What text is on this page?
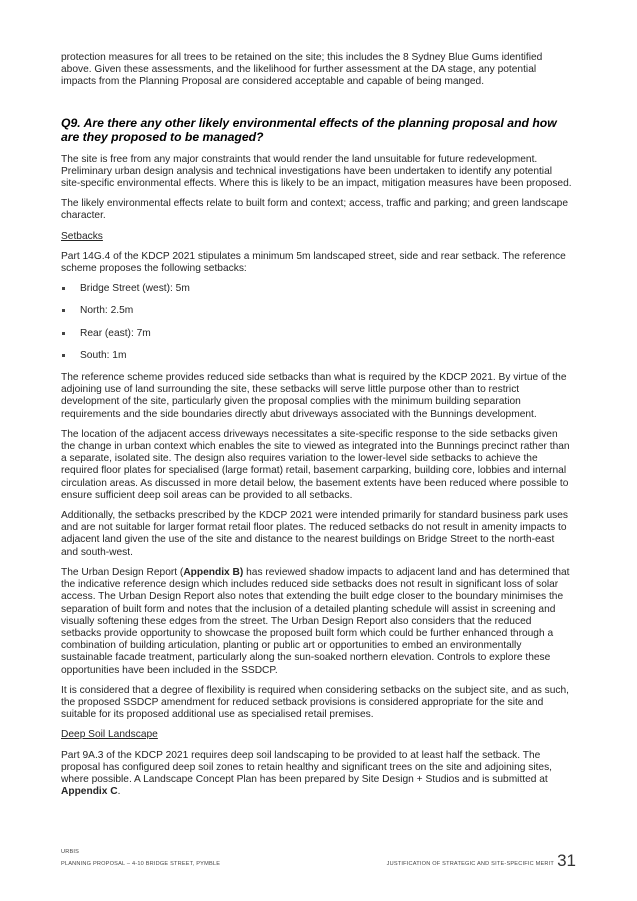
protection measures for all trees to be retained on the site; this includes the 8 Sydney Blue Gums identified above. Given these assessments, and the likelihood for further assessment at the DA stage, any potential impacts from the Planning Proposal are considered acceptable and capable of being manged.

Q9. Are there any other likely environmental effects of the planning proposal and how are they proposed to be managed?

The site is free from any major constraints that would render the land unsuitable for future redevelopment. Preliminary urban design analysis and technical investigations have been undertaken to identify any potential site-specific environmental effects. Where this is likely to be an impact, mitigation measures have been proposed.

The likely environmental effects relate to built form and context; access, traffic and parking; and green landscape character.

Setbacks

Part 14G.4 of the KDCP 2021 stipulates a minimum 5m landscaped street, side and rear setback. The reference scheme proposes the following setbacks:

Bridge Street (west): 5m
North: 2.5m
Rear (east): 7m
South: 1m

The reference scheme provides reduced side setbacks than what is required by the KDCP 2021. By virtue of the adjoining use of land surrounding the site, these setbacks will serve little purpose other than to restrict development of the site, particularly given the proposal complies with the minimum building separation requirements and the side boundaries directly abut driveways associated with the Bunnings development.

The location of the adjacent access driveways necessitates a site-specific response to the side setbacks given the change in urban context which enables the site to viewed as integrated into the Bunnings precinct rather than a separate, isolated site. The design also requires variation to the lower-level side setbacks to achieve the required floor plates for specialised (large format) retail, basement carparking, building core, lobbies and internal circulation areas. As discussed in more detail below, the basement extents have been reduced where possible to ensure sufficient deep soil areas can be provided to all setbacks.

Additionally, the setbacks prescribed by the KDCP 2021 were intended primarily for standard business park uses and are not suitable for larger format retail floor plates. The reduced setbacks do not result in amenity impacts to adjacent land given the use of the site and distance to the nearest buildings on Bridge Street to the north-east and south-west.

The Urban Design Report (Appendix B) has reviewed shadow impacts to adjacent land and has determined that the indicative reference design which includes reduced side setbacks does not result in significant loss of solar access. The Urban Design Report also notes that extending the built edge closer to the boundary minimises the separation of built form and notes that the inclusion of a detailed planting schedule will assist in screening and visually softening these edges from the street. The Urban Design Report also considers that the reduced setbacks provide opportunity to showcase the proposed built form which could be further enhanced through a combination of building articulation, planting or public art or opportunities to embed an environmentally sustainable facade treatment, particularly along the sun-soaked northern elevation. Controls to explore these opportunities have been included in the SSDCP.

It is considered that a degree of flexibility is required when considering setbacks on the subject site, and as such, the proposed SSDCP amendment for reduced setback provisions is considered appropriate for the site and suitable for its proposed additional use as specialised retail premises.

Deep Soil Landscape

Part 9A.3 of the KDCP 2021 requires deep soil landscaping to be provided to at least half the setback. The proposal has configured deep soil zones to retain healthy and significant trees on the site and adjoining sites, where possible. A Landscape Concept Plan has been prepared by Site Design + Studios and is submitted at Appendix C.

URBIS
PLANNING PROPOSAL – 4-10 BRIDGE STREET, PYMBLE	JUSTIFICATION OF STRATEGIC AND SITE-SPECIFIC MERIT 31
